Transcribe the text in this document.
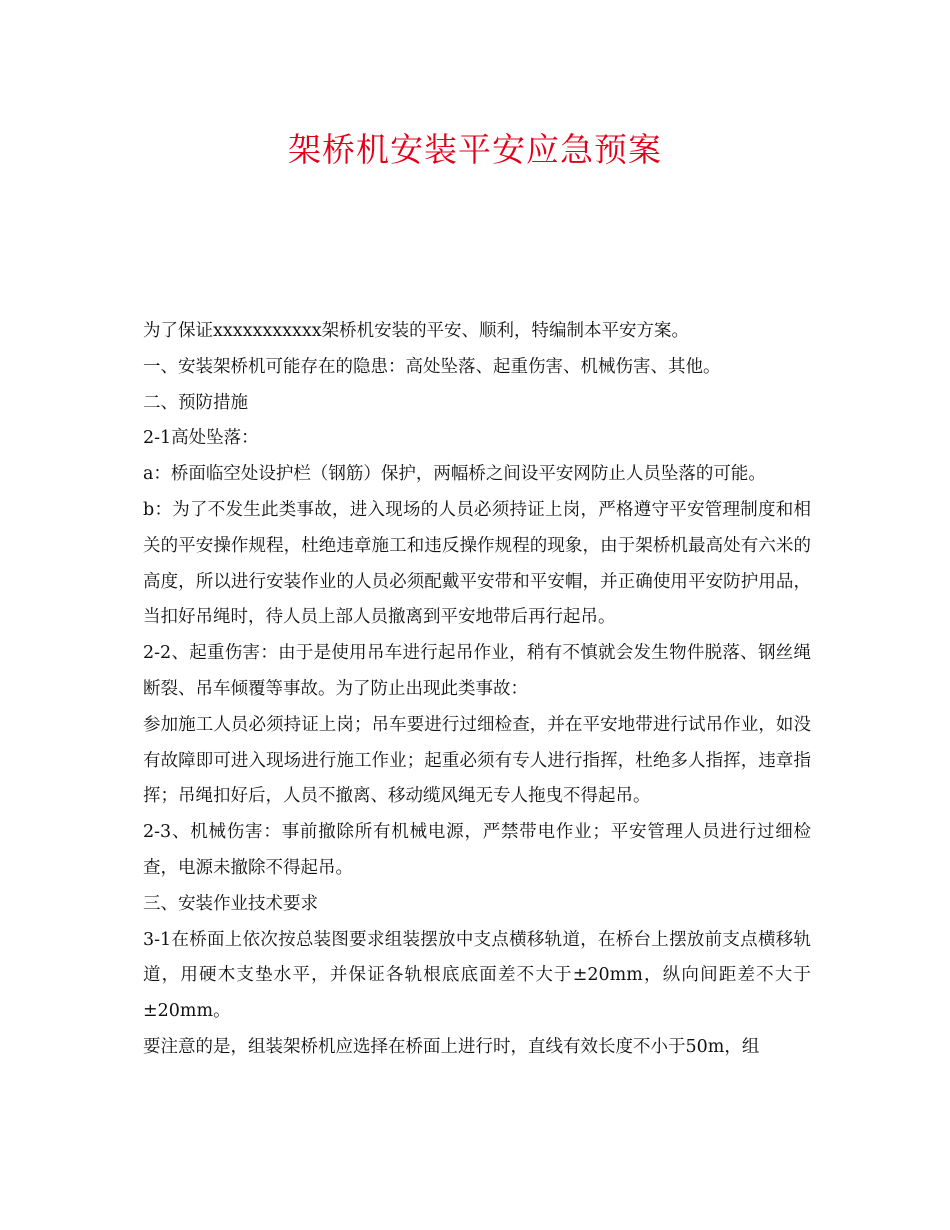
架桥机安装平安应急预案

为了保证xxxxxxxxxxx架桥机安装的平安、顺利，特编制本平安方案。

一、安装架桥机可能存在的隐患：高处坠落、起重伤害、机械伤害、其他。

二、预防措施

2-1高处坠落：

a：桥面临空处设护栏（钢筋）保护，两幅桥之间设平安网防止人员坠落的可能。

b：为了不发生此类事故，进入现场的人员必须持证上岗，严格遵守平安管理制度和相关的平安操作规程，杜绝违章施工和违反操作规程的现象，由于架桥机最高处有六米的高度，所以进行安装作业的人员必须配戴平安带和平安帽，并正确使用平安防护用品，当扣好吊绳时，待人员上部人员撤离到平安地带后再行起吊。

2-2、起重伤害：由于是使用吊车进行起吊作业，稍有不慎就会发生物件脱落、钢丝绳断裂、吊车倾覆等事故。为了防止出现此类事故：

参加施工人员必须持证上岗；吊车要进行过细检查，并在平安地带进行试吊作业，如没有故障即可进入现场进行施工作业；起重必须有专人进行指挥，杜绝多人指挥，违章指挥；吊绳扣好后，人员不撤离、移动缆风绳无专人拖曳不得起吊。

2-3、机械伤害：事前撤除所有机械电源，严禁带电作业；平安管理人员进行过细检查，电源未撤除不得起吊。

三、安装作业技术要求

3-1在桥面上依次按总装图要求组装摆放中支点横移轨道，在桥台上摆放前支点横移轨道，用硬木支垫水平，并保证各轨根底底面差不大于±20mm，纵向间距差不大于±20mm。

要注意的是，组装架桥机应选择在桥面上进行时，直线有效长度不小于50m，组
